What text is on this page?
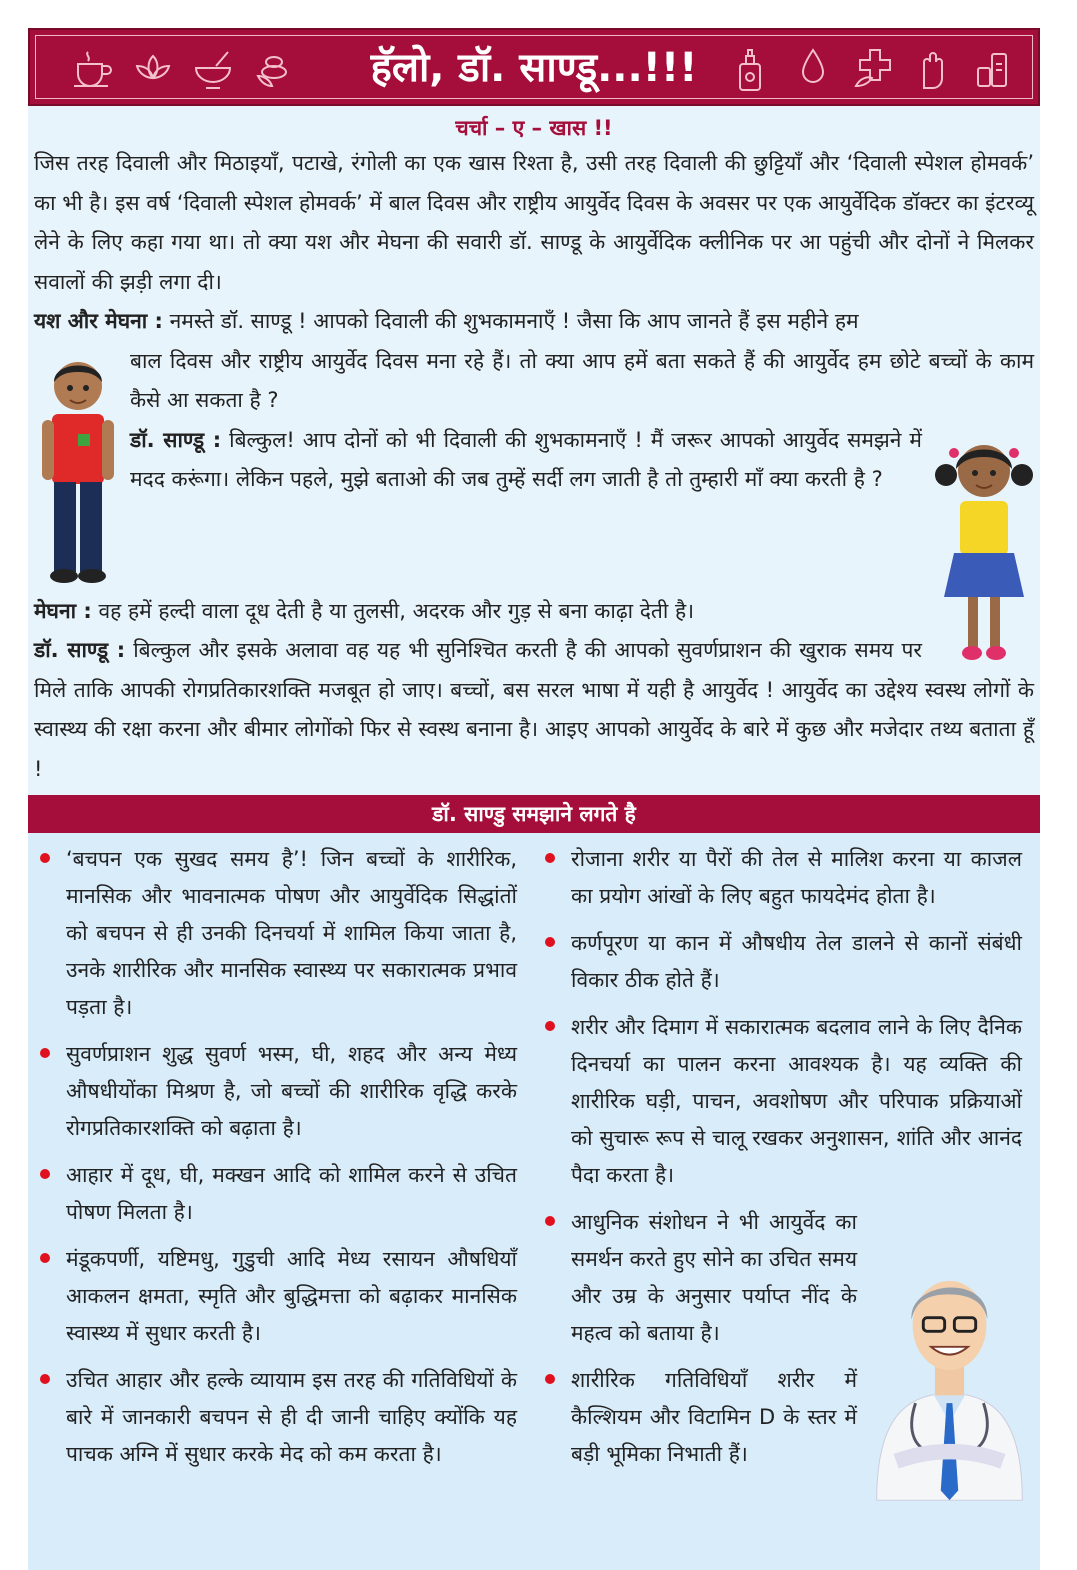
हॅलो, डॉ. साण्डू...!!!
चर्चा – ए – खास !!

जिस तरह दिवाली और मिठाइयाँ, पटाखे, रंगोली का एक खास रिश्ता है, उसी तरह दिवाली की छुट्टियाँ और ‘दिवाली स्पेशल होमवर्क’ का भी है। इस वर्ष ‘दिवाली स्पेशल होमवर्क’ में बाल दिवस और राष्ट्रीय आयुर्वेद दिवस के अवसर पर एक आयुर्वेदिक डॉक्टर का इंटरव्यू लेने के लिए कहा गया था। तो क्या यश और मेघना की सवारी डॉ. साण्डू के आयुर्वेदिक क्लीनिक पर आ पहुंची और दोनों ने मिलकर सवालों की झड़ी लगा दी।

यश और मेघना : नमस्ते डॉ. साण्डू ! आपको दिवाली की शुभकामनाएँ ! जैसा कि आप जानते हैं इस महीने हम

बाल दिवस और राष्ट्रीय आयुर्वेद दिवस मना रहे हैं। तो क्या आप हमें बता सकते हैं की आयुर्वेद हम छोटे बच्चों के काम कैसे आ सकता है ?

डॉ. साण्डू : बिल्कुल! आप दोनों को भी दिवाली की शुभकामनाएँ ! मैं जरूर आपको आयुर्वेद समझने में मदद करूंगा। लेकिन पहले, मुझे बताओ की जब तुम्हें सर्दी लग जाती है तो तुम्हारी माँ क्या करती है ?

मेघना : वह हमें हल्दी वाला दूध देती है या तुलसी, अदरक और गुड़ से बना काढ़ा देती है।

डॉ. साण्डू : बिल्कुल और इसके अलावा वह यह भी सुनिश्चित करती है की आपको सुवर्णप्राशन की खुराक समय पर मिले ताकि आपकी रोगप्रतिकारशक्ति मजबूत हो जाए। बच्चों, बस सरल भाषा में यही है आयुर्वेद ! आयुर्वेद का उद्देश्य स्वस्थ लोगों के स्वास्थ्य की रक्षा करना और बीमार लोगोंको फिर से स्वस्थ बनाना है। आइए आपको आयुर्वेद के बारे में कुछ और मजेदार तथ्य बताता हूँ !

डॉ. साण्डु समझाने लगते है
‘बचपन एक सुखद समय है’! जिन बच्चों के शारीरिक, मानसिक और भावनात्मक पोषण और आयुर्वेदिक सिद्धांतों को बचपन से ही उनकी दिनचर्या में शामिल किया जाता है, उनके शारीरिक और मानसिक स्वास्थ्य पर सकारात्मक प्रभाव पड़ता है।
सुवर्णप्राशन शुद्ध सुवर्ण भस्म, घी, शहद और अन्य मेध्य औषधीयोंका मिश्रण है, जो बच्चों की शारीरिक वृद्धि करके रोगप्रतिकारशक्ति को बढ़ाता है।
आहार में दूध, घी, मक्खन आदि को शामिल करने से उचित पोषण मिलता है।
मंडूकपर्णी, यष्टिमधु, गुडुची आदि मेध्य रसायन औषधियाँ आकलन क्षमता, स्मृति और बुद्धिमत्ता को बढ़ाकर मानसिक स्वास्थ्य में सुधार करती है।
उचित आहार और हल्के व्यायाम इस तरह की गतिविधियों के बारे में जानकारी बचपन से ही दी जानी चाहिए क्योंकि यह पाचक अग्नि में सुधार करके मेद को कम करता है।
रोजाना शरीर या पैरों की तेल से मालिश करना या काजल का प्रयोग आंखों के लिए बहुत फायदेमंद होता है।
कर्णपूरण या कान में औषधीय तेल डालने से कानों संबंधी विकार ठीक होते हैं।
शरीर और दिमाग में सकारात्मक बदलाव लाने के लिए दैनिक दिनचर्या का पालन करना आवश्यक है। यह व्यक्ति की शारीरिक घड़ी, पाचन, अवशोषण और परिपाक प्रक्रियाओं को सुचारू रूप से चालू रखकर अनुशासन, शांति और आनंद पैदा करता है।
आधुनिक संशोधन ने भी आयुर्वेद का समर्थन करते हुए सोने का उचित समय और उम्र के अनुसार पर्याप्त नींद के महत्व को बताया है।
शारीरिक गतिविधियाँ शरीर में कैल्शियम और विटामिन D के स्तर में बड़ी भूमिका निभाती हैं।
